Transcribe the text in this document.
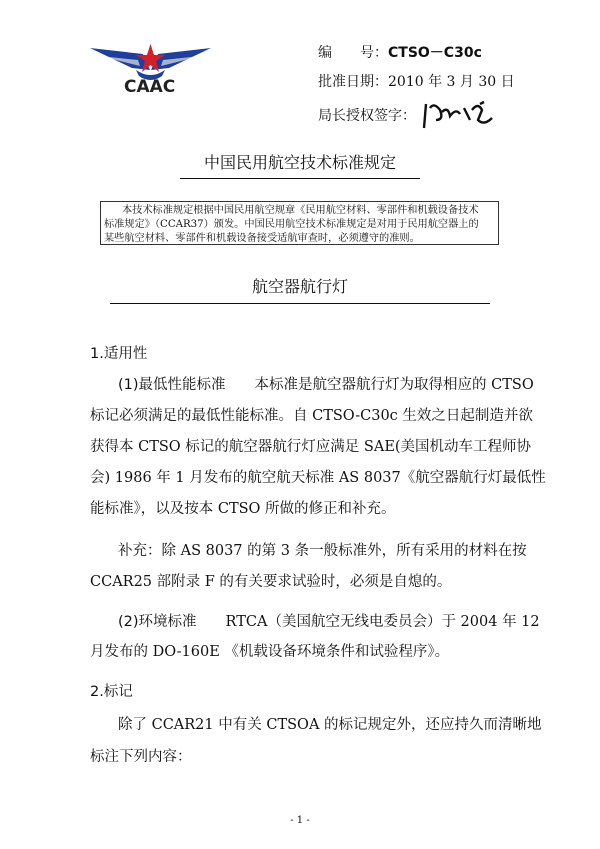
CAAC
编　　号：CTSO－C30c
批准日期：2010 年 3 月 30 日
局长授权签字：
中国民用航空技术标准规定
本技术标准规定根据中国民用航空规章《民用航空材料、零部件和机载设备技术
标准规定》（CCAR37）颁发。中国民用航空技术标准规定是对用于民用航空器上的
某些航空材料、零部件和机载设备接受适航审查时，必须遵守的准则。
航空器航行灯
1.适用性
(1)最低性能标准　　 本标准是航空器航行灯为取得相应的 CTSO
标记必须满足的最低性能标准。自 CTSO-C30c 生效之日起制造并欲
获得本 CTSO 标记的航空器航行灯应满足 SAE(美国机动车工程师协
会) 1986 年 1 月发布的航空航天标准 AS 8037《航空器航行灯最低性
能标准》，以及按本 CTSO 所做的修正和补充。
补充：除 AS 8037 的第 3 条一般标准外，所有采用的材料在按
CCAR25 部附录 F 的有关要求试验时，必须是自熄的。
(2)环境标准　　 RTCA（美国航空无线电委员会）于 2004 年 12
月发布的 DO-160E 《机载设备环境条件和试验程序》。
2.标记
除了 CCAR21 中有关 CTSOA 的标记规定外，还应持久而清晰地
标注下列内容：
- 1 -
